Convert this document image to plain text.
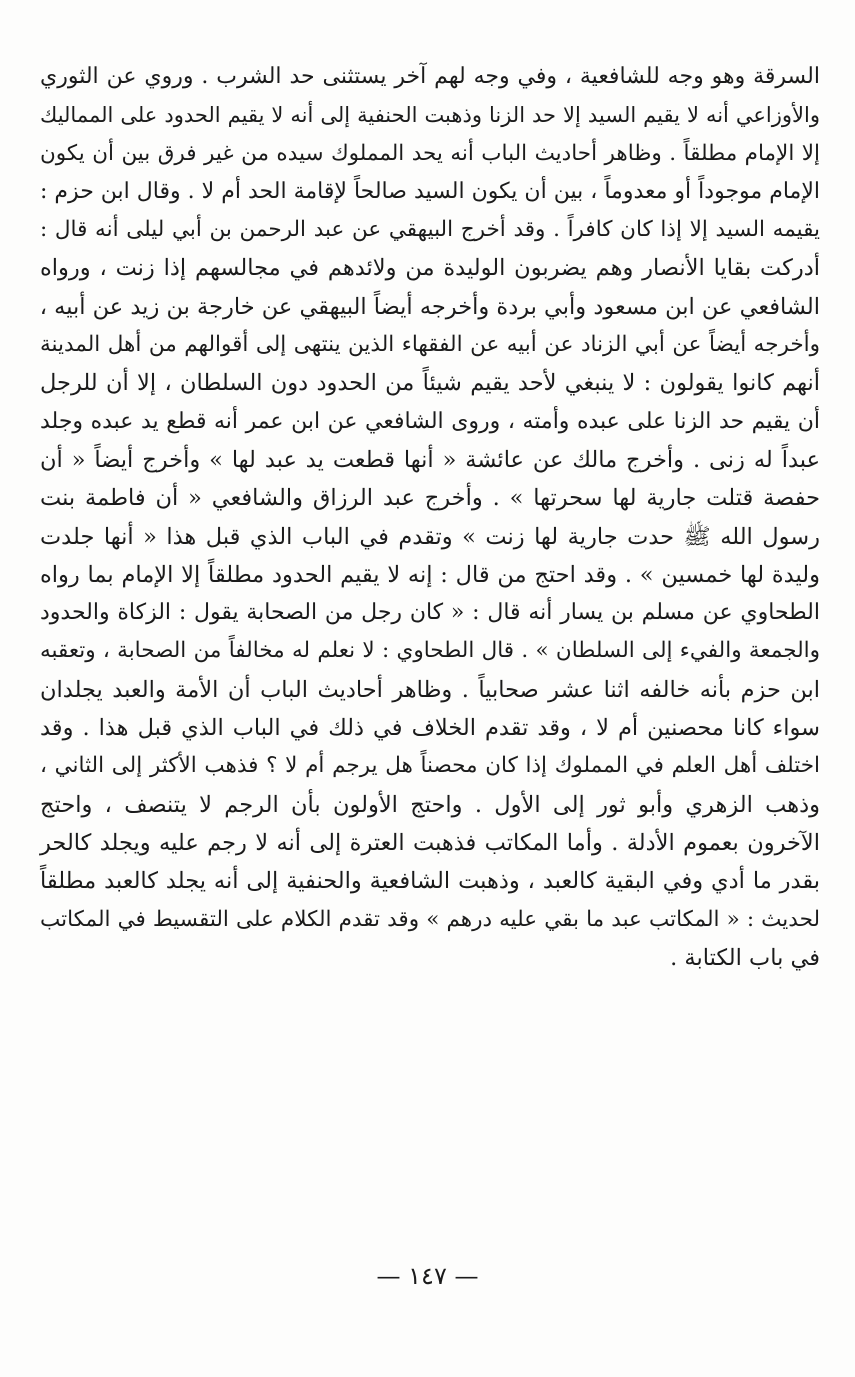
السرقة وهو وجه للشافعية ، وفي وجه لهم آخر يستثنى حد الشرب . وروي عن الثوري
والأوزاعي أنه لا يقيم السيد إلا حد الزنا وذهبت الحنفية إلى أنه لا يقيم الحدود على المماليك
إلا الإمام مطلقاً . وظاهر أحاديث الباب أنه يحد المملوك سيده من غير فرق بين أن يكون
الإمام موجوداً أو معدوماً ، بين أن يكون السيد صالحاً لإقامة الحد أم لا . وقال ابن حزم :
يقيمه السيد إلا إذا كان كافراً . وقد أخرج البيهقي عن عبد الرحمن بن أبي ليلى أنه قال :
أدركت بقايا الأنصار وهم يضربون الوليدة من ولائدهم في مجالسهم إذا زنت ، ورواه
الشافعي عن ابن مسعود وأبي بردة وأخرجه أيضاً البيهقي عن خارجة بن زيد عن أبيه ،
وأخرجه أيضاً عن أبي الزناد عن أبيه عن الفقهاء الذين ينتهى إلى أقوالهم من أهل المدينة
أنهم كانوا يقولون : لا ينبغي لأحد يقيم شيئاً من الحدود دون السلطان ، إلا أن للرجل
أن يقيم حد الزنا على عبده وأمته ، وروى الشافعي عن ابن عمر أنه قطع يد عبده وجلد
عبداً له زنى . وأخرج مالك عن عائشة « أنها قطعت يد عبد لها » وأخرج أيضاً « أن
حفصة قتلت جارية لها سحرتها » . وأخرج عبد الرزاق والشافعي « أن فاطمة بنت
رسول الله ﷺ حدت جارية لها زنت » وتقدم في الباب الذي قبل هذا « أنها جلدت
وليدة لها خمسين » . وقد احتج من قال : إنه لا يقيم الحدود مطلقاً إلا الإمام بما رواه
الطحاوي عن مسلم بن يسار أنه قال : « كان رجل من الصحابة يقول : الزكاة والحدود
والجمعة والفيء إلى السلطان » . قال الطحاوي : لا نعلم له مخالفاً من الصحابة ، وتعقبه
ابن حزم بأنه خالفه اثنا عشر صحابياً . وظاهر أحاديث الباب أن الأمة والعبد يجلدان
سواء كانا محصنين أم لا ، وقد تقدم الخلاف في ذلك في الباب الذي قبل هذا . وقد
اختلف أهل العلم في المملوك إذا كان محصناً هل يرجم أم لا ؟ فذهب الأكثر إلى الثاني ،
وذهب الزهري وأبو ثور إلى الأول . واحتج الأولون بأن الرجم لا يتنصف ، واحتج
الآخرون بعموم الأدلة . وأما المكاتب فذهبت العترة إلى أنه لا رجم عليه ويجلد كالحر
بقدر ما أدي وفي البقية كالعبد ، وذهبت الشافعية والحنفية إلى أنه يجلد كالعبد مطلقاً
لحديث : « المكاتب عبد ما بقي عليه درهم » وقد تقدم الكلام على التقسيط في المكاتب
في باب الكتابة .
— ١٤٧ —
